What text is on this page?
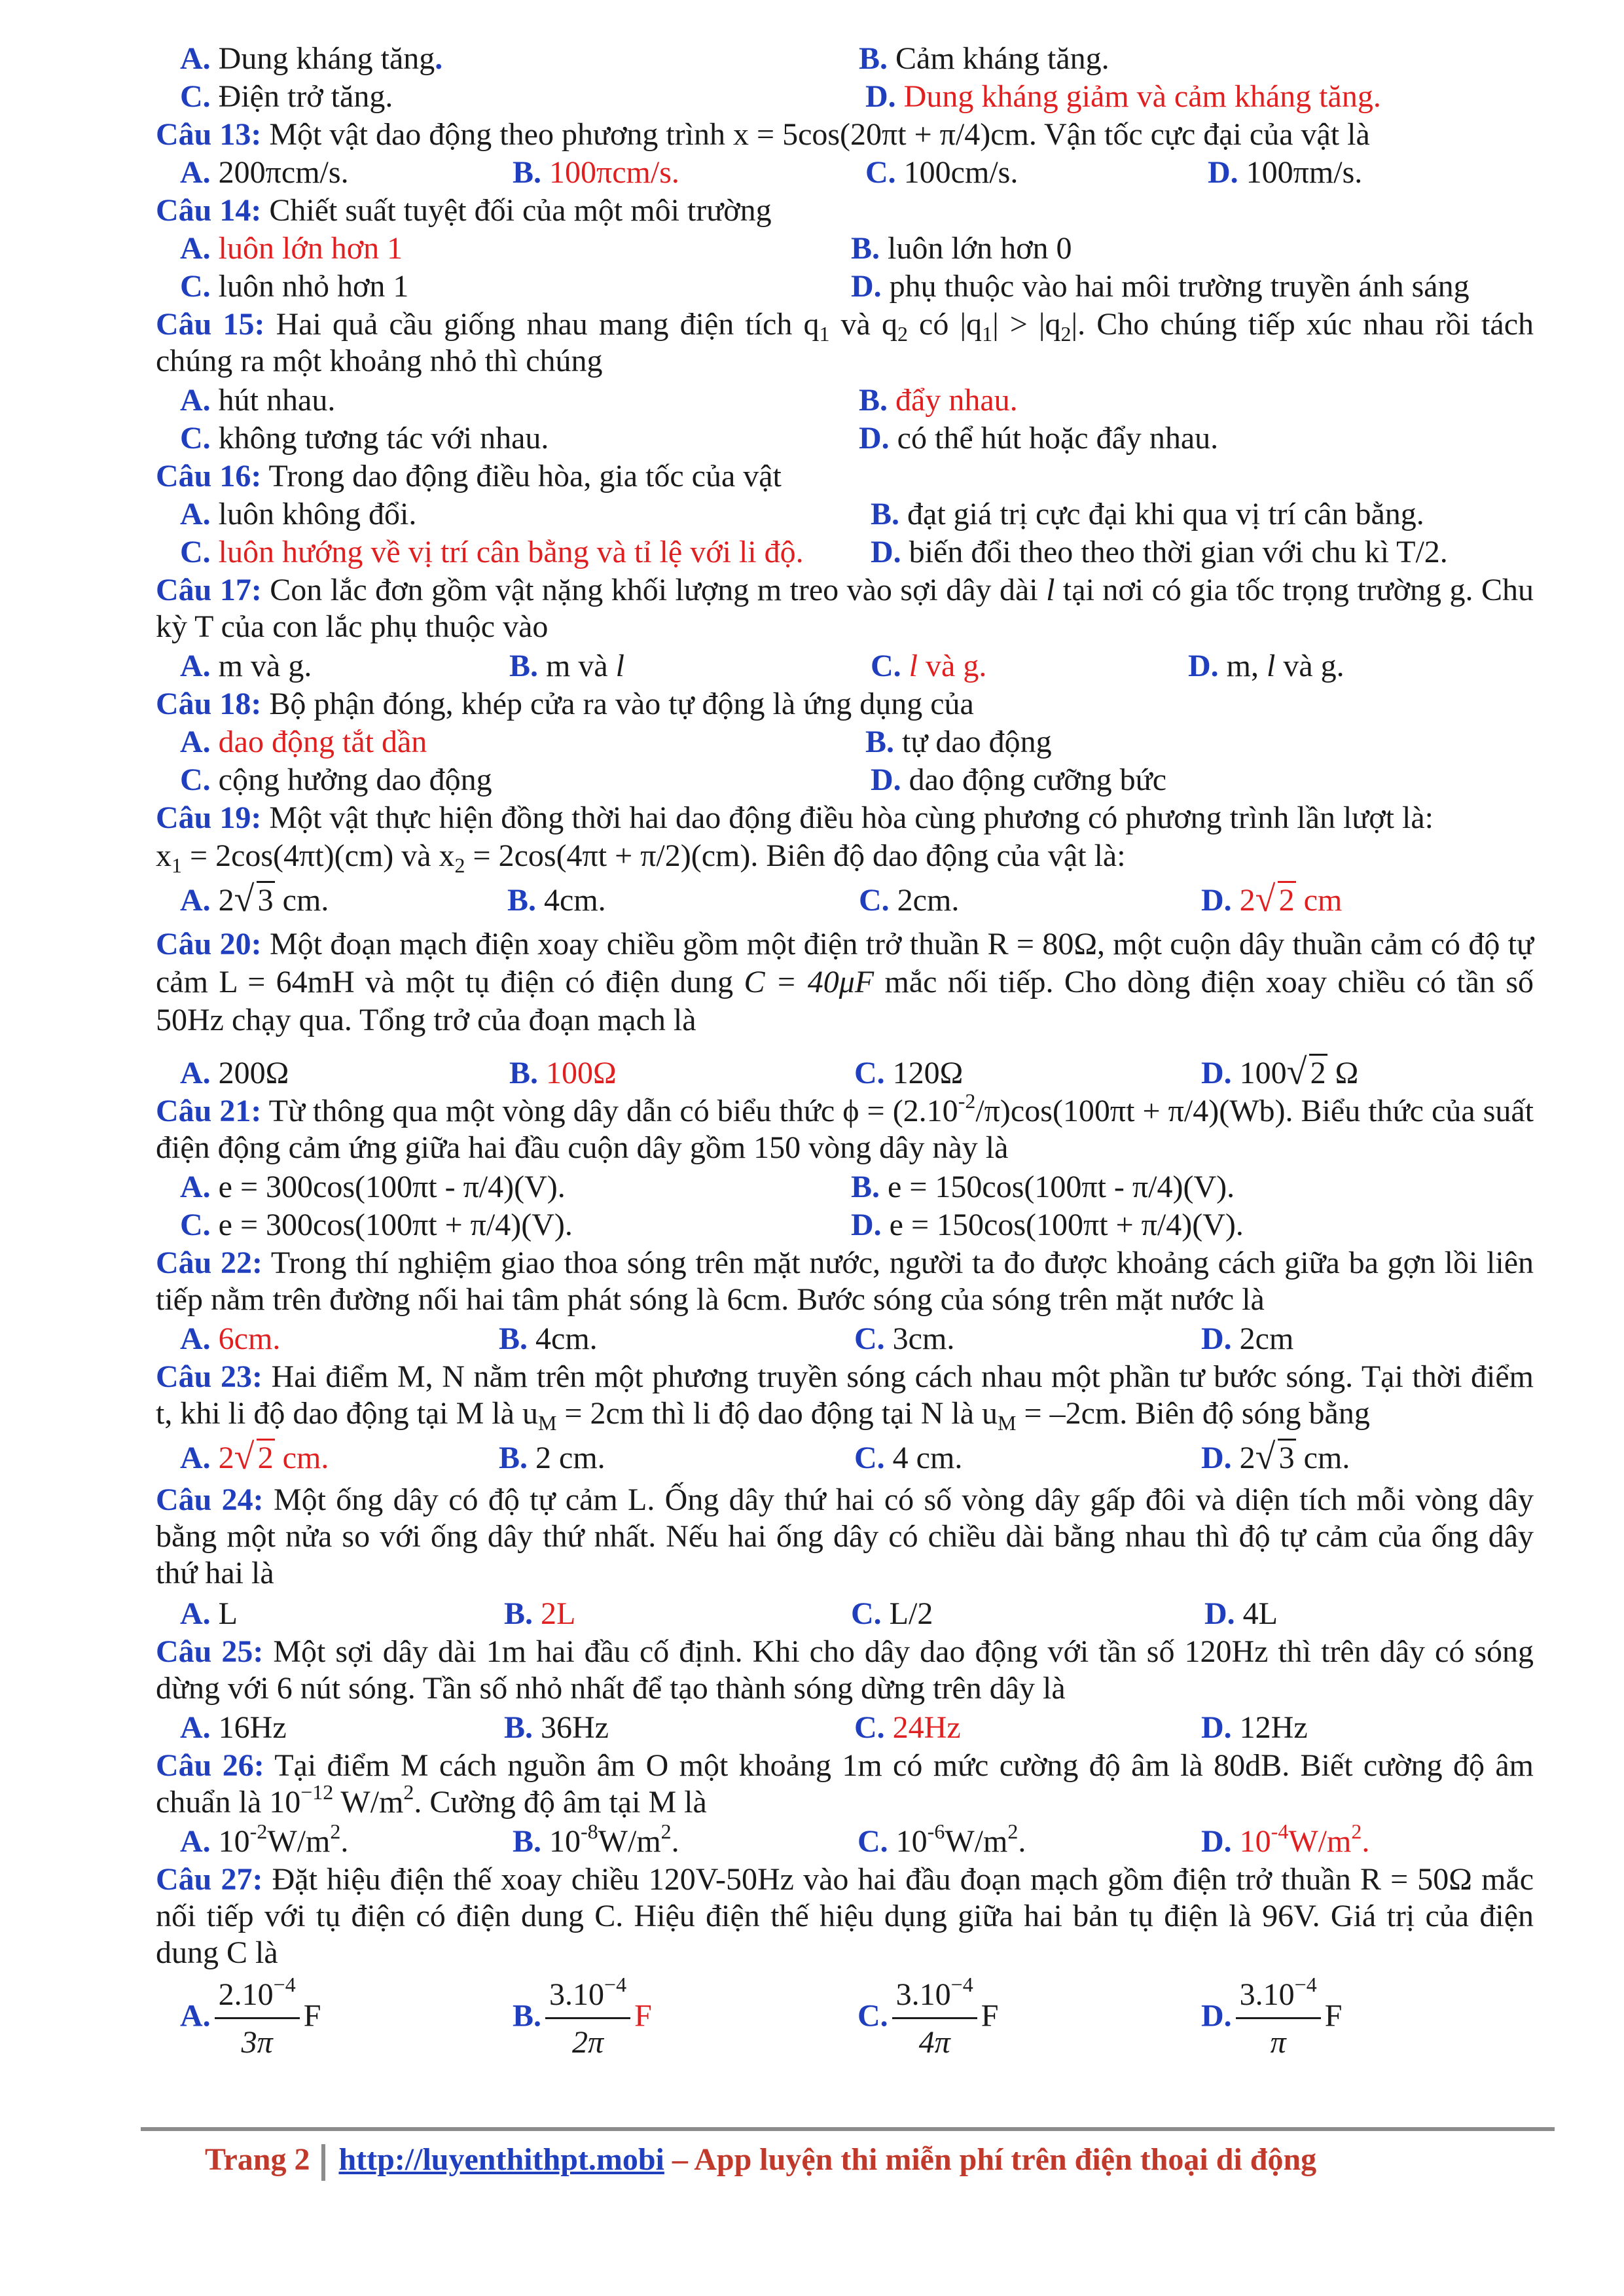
A. Dung kháng tăng.	B. Cảm kháng tăng.
C. Điện trở tăng.	D. Dung kháng giảm và cảm kháng tăng.
Câu 13: Một vật dao động theo phương trình x = 5cos(20πt + π/4)cm. Vận tốc cực đại của vật là
A. 200πcm/s.	B. 100πcm/s.	C. 100cm/s.	D. 100πm/s.
Câu 14: Chiết suất tuyệt đối của một môi trường
A. luôn lớn hơn 1	B. luôn lớn hơn 0
C. luôn nhỏ hơn 1	D. phụ thuộc vào hai môi trường truyền ánh sáng
Câu 15: Hai quả cầu giống nhau mang điện tích $q_1$ và $q_2$ có $|q_1| > |q_2|$. Cho chúng tiếp xúc nhau rồi tách chúng ra một khoảng nhỏ thì chúng
A. hút nhau.	B. đẩy nhau.
C. không tương tác với nhau.	D. có thể hút hoặc đẩy nhau.
Câu 16: Trong dao động điều hòa, gia tốc của vật
A. luôn không đổi.	B. đạt giá trị cực đại khi qua vị trí cân bằng.
C. luôn hướng về vị trí cân bằng và tỉ lệ với li độ. D. biến đổi theo theo thời gian với chu kì T/2.
Câu 17: Con lắc đơn gồm vật nặng khối lượng m treo vào sợi dây dài l tại nơi có gia tốc trọng trường g. Chu kỳ T của con lắc phụ thuộc vào
A. m và g.	B. m và l	C. l và g.	D. m, l và g.
Câu 18: Bộ phận đóng, khép cửa ra vào tự động là ứng dụng của
A. dao động tắt dần	B. tự dao động
C. cộng hưởng dao động	D. dao động cưỡng bức
Câu 19: Một vật thực hiện đồng thời hai dao động điều hòa cùng phương có phương trình lần lượt là:
$x_1 = 2\cos(4\pi t)(cm)$ và $x_2 = 2\cos(4\pi t + \pi/2)(cm)$. Biên độ dao động của vật là:
A. 2 √ 3 cm.	B. 4cm.	C. 2cm.	D. 2 √ 2 cm
Câu 20: Một đoạn mạch điện xoay chiều gồm một điện trở thuần R = 80Ω, một cuộn dây thuần cảm có độ tự cảm L = 64mH và một tụ điện có điện dung C = 40μF mắc nối tiếp. Cho dòng điện xoay chiều có tần số 50Hz chạy qua. Tổng trở của đoạn mạch là
A. 200Ω	B. 100Ω	C. 120Ω	D. 100 √ 2 Ω
Câu 21: Từ thông qua một vòng dây dẫn có biểu thức $\phi = (2.10^{-2}/\pi)\cos(100\pi t + \pi/4)(Wb)$. Biểu thức của suất điện động cảm ứng giữa hai đầu cuộn dây gồm 150 vòng dây này là
A. e = 300cos(100πt - π/4)(V).	B. e = 150cos(100πt - π/4)(V).
C. e = 300cos(100πt + π/4)(V).	D. e = 150cos(100πt + π/4)(V).
Câu 22: Trong thí nghiệm giao thoa sóng trên mặt nước, người ta đo được khoảng cách giữa ba gợn lồi liên tiếp nằm trên đường nối hai tâm phát sóng là 6cm. Bước sóng của sóng trên mặt nước là
A. 6cm.	B. 4cm.	C. 3cm.	D. 2cm
Câu 23: Hai điểm M, N nằm trên một phương truyền sóng cách nhau một phần tư bước sóng. Tại thời điểm t, khi li độ dao động tại M là $u_M = 2cm$ thì li độ dao động tại N là $u_M = -2cm$. Biên độ sóng bằng
A. 2 √ 2 cm.	B. 2 cm.	C. 4 cm.	D. 2 √ 3 cm.
Câu 24: Một ống dây có độ tự cảm L. Ống dây thứ hai có số vòng dây gấp đôi và diện tích mỗi vòng dây bằng một nửa so với ống dây thứ nhất. Nếu hai ống dây có chiều dài bằng nhau thì độ tự cảm của ống dây thứ hai là
A. L	B. 2L	C. L/2	D. 4L
Câu 25: Một sợi dây dài 1m hai đầu cố định. Khi cho dây dao động với tần số 120Hz thì trên dây có sóng dừng với 6 nút sóng. Tần số nhỏ nhất để tạo thành sóng dừng trên dây là
A. 16Hz	B. 36Hz	C. 24Hz	D. 12Hz
Câu 26: Tại điểm M cách nguồn âm O một khoảng 1m có mức cường độ âm là 80dB. Biết cường độ âm chuẩn là $10^{-12}$ $W/m^2$. Cường độ âm tại M là
A. $10^{-2}W/m^2$.	B. $10^{-8}W/m^2$.	C. $10^{-6}W/m^2$.	D. $10^{-4}W/m^2$.
Câu 27: Đặt hiệu điện thế xoay chiều 120V-50Hz vào hai đầu đoạn mạch gồm điện trở thuần R = 50Ω mắc nối tiếp với tụ điện có điện dung C. Hiệu điện thế hiệu dụng giữa hai bản tụ điện là 96V. Giá trị của điện dung C là
A. $\frac{2.10^{-4}}{3\pi}$ F	B. $\frac{3.10^{-4}}{2\pi}$ F	C. $\frac{3.10^{-4}}{4\pi}$ F	D. $\frac{3.10^{-4}}{\pi}$ F
Trang 2 http://luyenthithpt.mobi – App luyện thi miễn phí trên điện thoại di động
